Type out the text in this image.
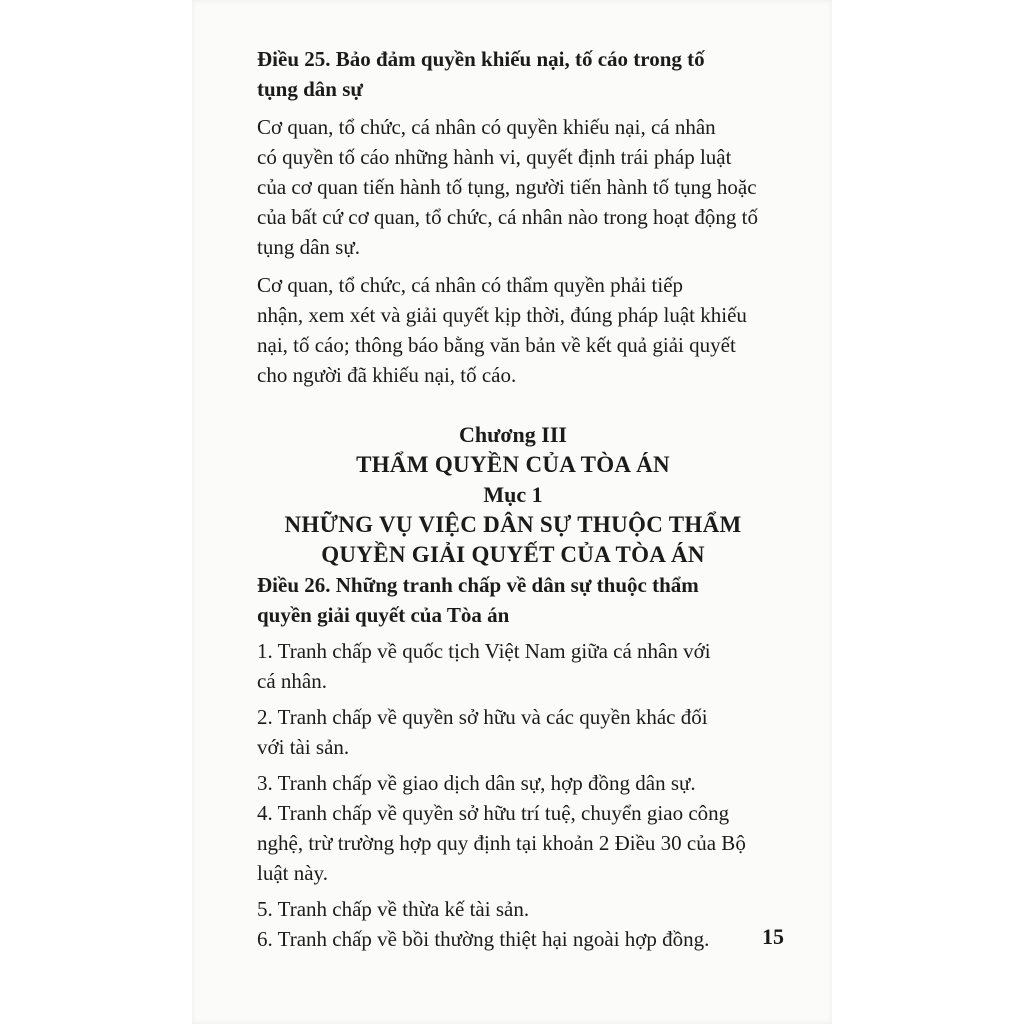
Điều 25. Bảo đảm quyền khiếu nại, tố cáo trong tố

tụng dân sự

Cơ quan, tổ chức, cá nhân có quyền khiếu nại, cá nhân

có quyền tố cáo những hành vi, quyết định trái pháp luật

của cơ quan tiến hành tố tụng, người tiến hành tố tụng hoặc

của bất cứ cơ quan, tổ chức, cá nhân nào trong hoạt động tố

tụng dân sự.

Cơ quan, tổ chức, cá nhân có thẩm quyền phải tiếp

nhận, xem xét và giải quyết kịp thời, đúng pháp luật khiếu

nại, tố cáo; thông báo bằng văn bản về kết quả giải quyết

cho người đã khiếu nại, tố cáo.

Chương III

THẨM QUYỀN CỦA TÒA ÁN

Mục 1

NHỮNG VỤ VIỆC DÂN SỰ THUỘC THẨM

QUYỀN GIẢI QUYẾT CỦA TÒA ÁN

Điều 26. Những tranh chấp về dân sự thuộc thẩm

quyền giải quyết của Tòa án

1. Tranh chấp về quốc tịch Việt Nam giữa cá nhân với

cá nhân.

2. Tranh chấp về quyền sở hữu và các quyền khác đối

với tài sản.

3. Tranh chấp về giao dịch dân sự, hợp đồng dân sự.

4. Tranh chấp về quyền sở hữu trí tuệ, chuyển giao công

nghệ, trừ trường hợp quy định tại khoản 2 Điều 30 của Bộ

luật này.

5. Tranh chấp về thừa kế tài sản.

6. Tranh chấp về bồi thường thiệt hại ngoài hợp đồng.	15
